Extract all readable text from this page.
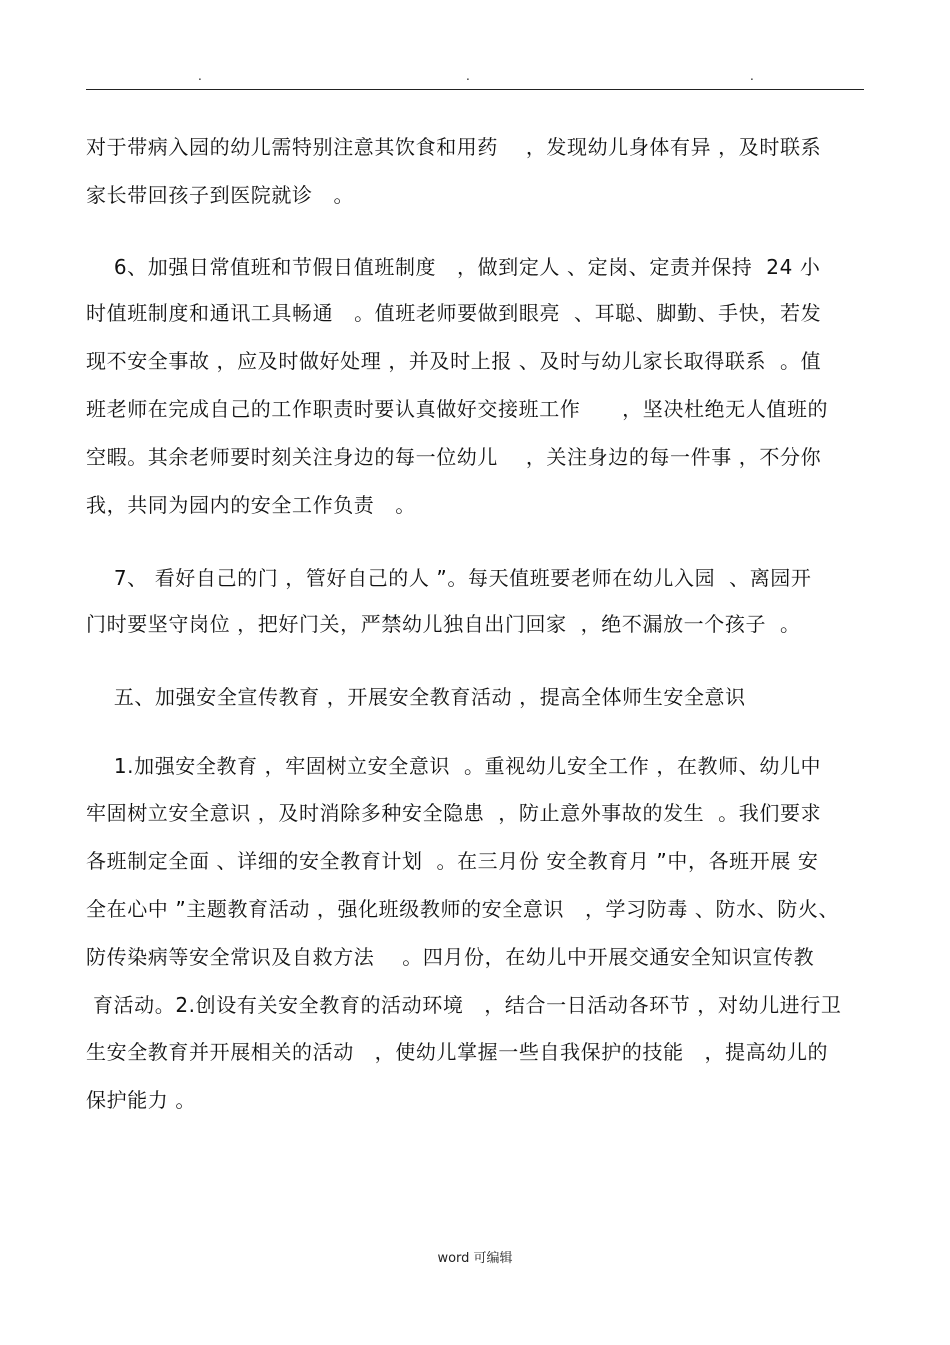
.	.	.
对于带病入园的幼儿需特别注意其饮食和用药    ，发现幼儿身体有异 ，及时联系
家长带回孩子到医院就诊   。
6、加强日常值班和节假日值班制度   ，做到定人 、定岗、定责并保持  24 小
时值班制度和通讯工具畅通   。值班老师要做到眼亮  、耳聪、脚勤、手快，若发
现不安全事故 ，应及时做好处理 ，并及时上报 、及时与幼儿家长取得联系  。值
班老师在完成自己的工作职责时要认真做好交接班工作      ，坚决杜绝无人值班的
空暇。其余老师要时刻关注身边的每一位幼儿    ，关注身边的每一件事 ，不分你
我，共同为园内的安全工作负责   。
7、 看好自己的门 ，管好自己的人 ”。每天值班要老师在幼儿入园  、离园开
门时要坚守岗位 ，把好门关，严禁幼儿独自出门回家  ，绝不漏放一个孩子  。
五、加强安全宣传教育 ，开展安全教育活动 ，提高全体师生安全意识
1.加强安全教育 ，牢固树立安全意识  。重视幼儿安全工作 ，在教师、幼儿中
牢固树立安全意识 ，及时消除多种安全隐患  ，防止意外事故的发生  。我们要求
各班制定全面 、详细的安全教育计划  。在三月份 安全教育月 ”中，各班开展 安
全在心中 ”主题教育活动 ，强化班级教师的安全意识   ，学习防毒 、防水、防火、
防传染病等安全常识及自救方法    。四月份，在幼儿中开展交通安全知识宣传教
育活动。2.创设有关安全教育的活动环境   ，结合一日活动各环节 ，对幼儿进行卫
生安全教育并开展相关的活动   ，使幼儿掌握一些自我保护的技能   ，提高幼儿的
保护能力 。
word 可编辑
